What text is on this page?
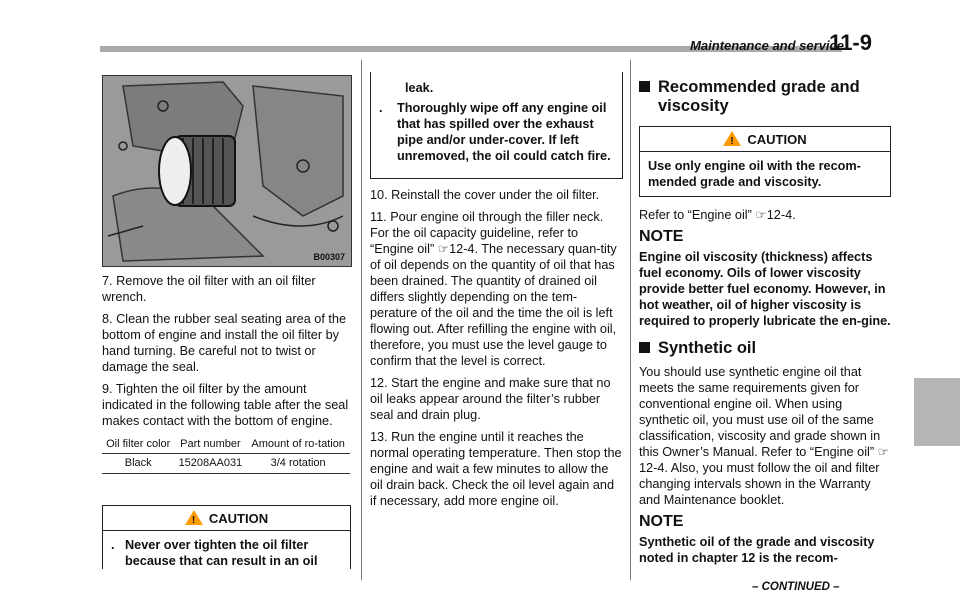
Maintenance and service
11-9
B00307

7. Remove the oil filter with an oil filter wrench.

8. Clean the rubber seal seating area of the bottom of engine and install the oil filter by hand turning. Be careful not to twist or damage the seal.

9. Tighten the oil filter by the amount indicated in the following table after the seal makes contact with the bottom of engine.

Oil filter color	Part number	Amount of ro-tation
Black	15208AA031	3/4 rotation
! CAUTION
. Never over tighten the oil filter because that can result in an oil
leak.
.	Thoroughly wipe off any engine oil that has spilled over the exhaust pipe and/or under-cover. If left unremoved, the oil could catch fire.

10. Reinstall the cover under the oil filter.

11. Pour engine oil through the filler neck. For the oil capacity guideline, refer to “Engine oil” ☞12-4. The necessary quan-tity of oil depends on the quantity of oil that has been drained. The quantity of drained oil differs slightly depending on the tem-perature of the oil and the time the oil is left flowing out. After refilling the engine with oil, therefore, you must use the level gauge to confirm that the level is correct.

12. Start the engine and make sure that no oil leaks appear around the filter’s rubber seal and drain plug.

13. Run the engine until it reaches the normal operating temperature. Then stop the engine and wait a few minutes to allow the oil drain back. Check the oil level again and if necessary, add more engine oil.

Recommended grade and viscosity
! CAUTION
Use only engine oil with the recom-mended grade and viscosity.

Refer to “Engine oil” ☞12-4.

NOTE

Engine oil viscosity (thickness) affects fuel economy. Oils of lower viscosity provide better fuel economy. However, in hot weather, oil of higher viscosity is required to properly lubricate the en-gine.

Synthetic oil

You should use synthetic engine oil that meets the same requirements given for conventional engine oil. When using synthetic oil, you must use oil of the same classification, viscosity and grade shown in this Owner’s Manual. Refer to “Engine oil” ☞12-4. Also, you must follow the oil and filter changing intervals shown in the Warranty and Maintenance booklet.

NOTE

Synthetic oil of the grade and viscosity noted in chapter 12 is the recom-

– CONTINUED –
